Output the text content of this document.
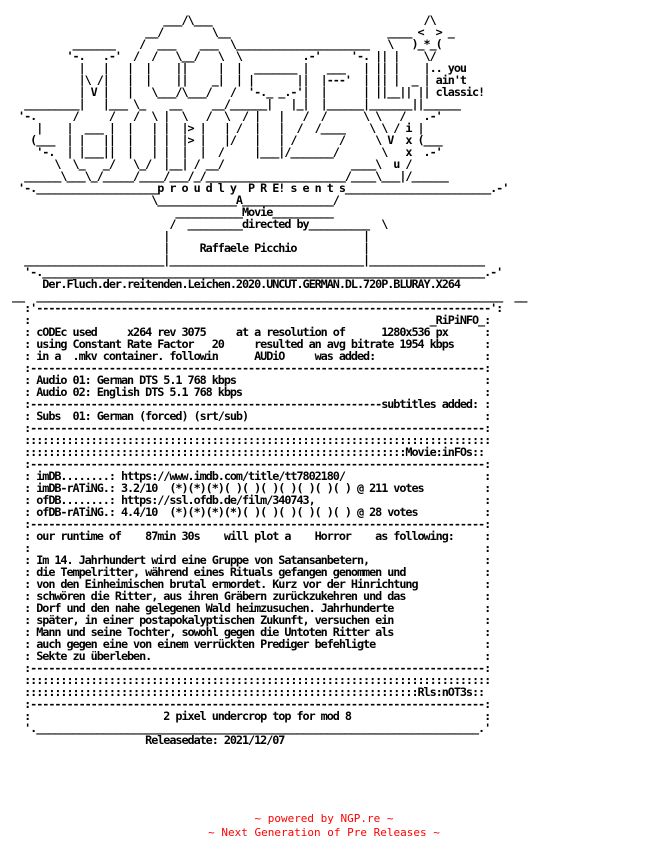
___/\___                                   /\
__/        \__                          ____ <  > _
_______    /  ___    ___  \______________________   \   )_*_(
'-.   .-'  /  /   \__/   \  \          .-'     '-. || |    \/
|   |   |  |    ||     |  |  _______ |   ___   | || |    |.. you
|\ /|   |  |    ||    _|  | |       ||  |---'  | || |  _ | ain't
| V |   |   \___/\___/   /  '-._ _.-'|  |      | ||__|| || classic!
_________|   |___ \_    __     __/______|   |_|  |______|_______||______
'-.      /     /   /  \ |  \   /  \  / |   |   /  /      \ \   /   .-'
|    |  ___ |  |   | |  |> |   | /  |   |  /  /____    \ \ / i |
(___  | |   ||  |   | |  |> |   |/   |   | /       /     \ V  x (___
'-.  | |___||  |   | |  |  |  /     |___|/_______/       \   x  .-'
\  \_   _/   \_/  |__| / __/                     ____\  u /
______\___\_/_____/____/___/_/_______________________/____\___|/______
'-.____________________p r o u d l y  P R E! s e n t s________________________.-'
\_____________A_______________/
___________Movie__________
/  _________directed by__________  \
|                                |
|     Raffaele Picchio           |
_______________________|________________________________|___________________
'-._________________________________________________________________________.-'
Der.Fluch.der.reitenden.Leichen.2020.UNCUT.GERMAN.DL.720P.BLURAY.X264
__  _____________________________________________________________________________  __
:'---------------------------------------------------------------------------':
:                                                                  _RiPiNFO_:
: cODEc used     x264 rev 3075     at a resolution of      1280x536 px      :
: using Constant Rate Factor   20     resulted an avg bitrate 1954 kbps     :
: in a  .mkv container. followin      AUDiO     was added:                  :
:---------------------------------------------------------------------------:
: Audio 01: German DTS 5.1 768 kbps                                         :
: Audio 02: English DTS 5.1 768 kbps                                        :
:----------------------------------------------------------subtitles added: :
: Subs  01: German (forced) (srt/sub)                                       :
:---------------------------------------------------------------------------:
:::::::::::::::::::::::::::::::::::::::::::::::::::::::::::::::::::::::::::::
:::::::::::::::::::::::::::::::::::::::::::::::::::::::::::::::Movie:inFOs::
:---------------------------------------------------------------------------:
: imDB........: https://www.imdb.com/title/tt7802180/                       :
: imDB-rATiNG.: 3.2/10  (*)(*)(*)( )( )( )( )( )( )( ) @ 211 votes          :
: ofDB........: https://ssl.ofdb.de/film/340743,                            :
: ofDB-rATiNG.: 4.4/10  (*)(*)(*)(*)( )( )( )( )( )( ) @ 28 votes           :
:---------------------------------------------------------------------------:
: our runtime of    87min 30s    will plot a    Horror    as following:     :
:                                                                           :
: Im 14. Jahrhundert wird eine Gruppe von Satansanbetern,                   :
: die Tempelritter, während eines Rituals gefangen genommen und             :
: von den Einheimischen brutal ermordet. Kurz vor der Hinrichtung           :
: schwören die Ritter, aus ihren Gräbern zurückzukehren und das             :
: Dorf und den nahe gelegenen Wald heimzusuchen. Jahrhunderte               :
: später, in einer postapokalyptischen Zukunft, versuchen ein               :
: Mann und seine Tochter, sowohl gegen die Untoten Ritter als               :
: auch gegen eine von einem verrückten Prediger befehligte                  :
: Sekte zu überleben.                                                       :
:---------------------------------------------------------------------------:
:::::::::::::::::::::::::::::::::::::::::::::::::::::::::::::::::::::::::::::
:::::::::::::::::::::::::::::::::::::::::::::::::::::::::::::::::Rls:nOT3s::
:---------------------------------------------------------------------------:
:                      2 pixel undercrop top for mod 8                      :
'._________________________________________________________________________.'
Releasedate: 2021/12/07
~ powered by NGP.re ~
~ Next Generation of Pre Releases ~
